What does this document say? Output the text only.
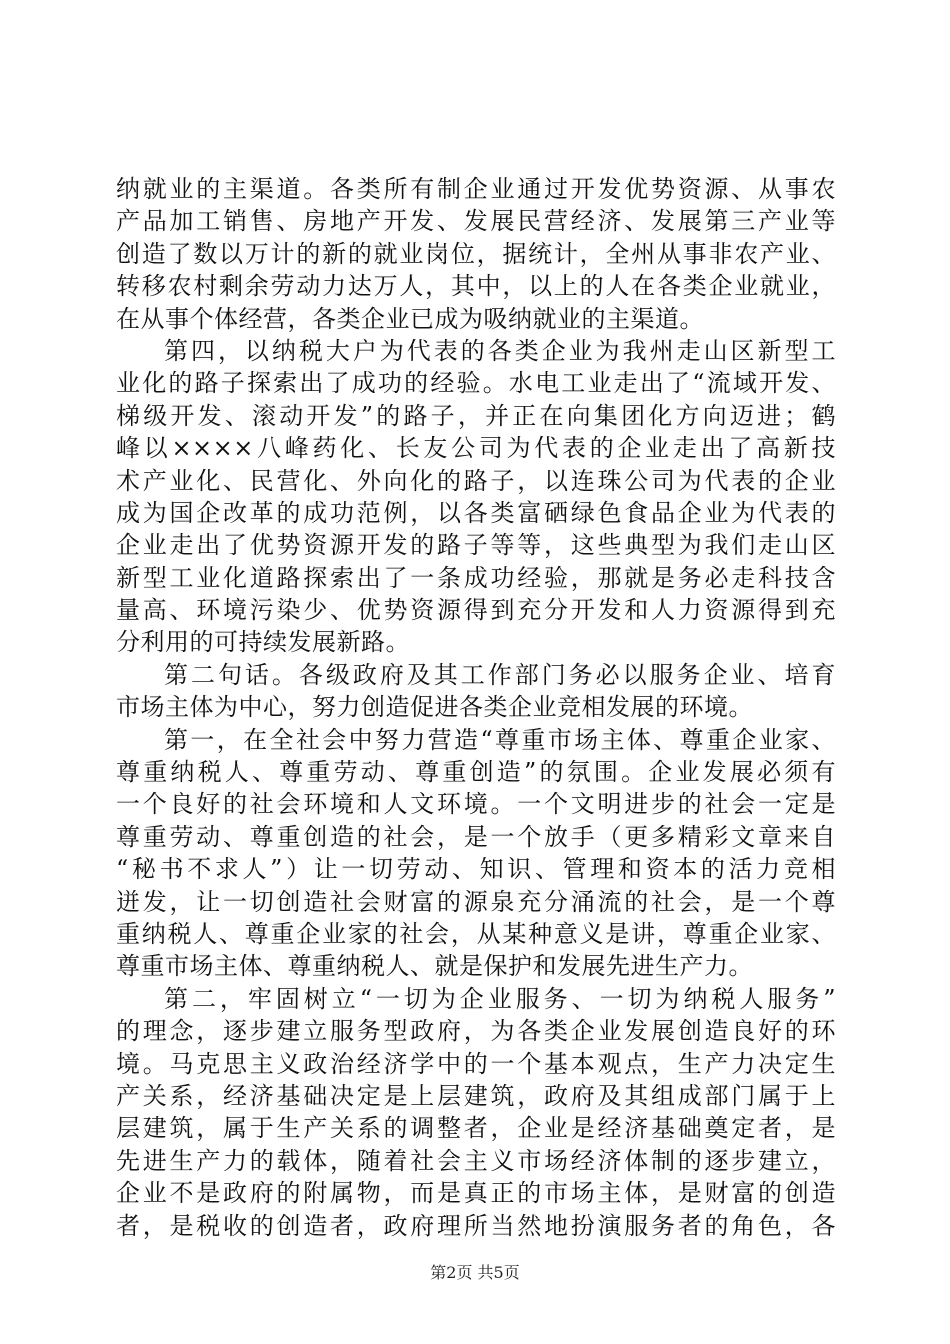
纳就业的主渠道。各类所有制企业通过开发优势资源、从事农
产品加工销售、房地产开发、发展民营经济、发展第三产业等
创造了数以万计的新的就业岗位，据统计，全州从事非农产业、
转移农村剩余劳动力达万人，其中，以上的人在各类企业就业，
在从事个体经营，各类企业已成为吸纳就业的主渠道。
第四，以纳税大户为代表的各类企业为我州走山区新型工
业化的路子探索出了成功的经验。水电工业走出了“流域开发、
梯级开发、滚动开发”的路子，并正在向集团化方向迈进；鹤
峰以××××八峰药化、长友公司为代表的企业走出了高新技
术产业化、民营化、外向化的路子，以连珠公司为代表的企业
成为国企改革的成功范例，以各类富硒绿色食品企业为代表的
企业走出了优势资源开发的路子等等，这些典型为我们走山区
新型工业化道路探索出了一条成功经验，那就是务必走科技含
量高、环境污染少、优势资源得到充分开发和人力资源得到充
分利用的可持续发展新路。
第二句话。各级政府及其工作部门务必以服务企业、培育
市场主体为中心，努力创造促进各类企业竞相发展的环境。
第一，在全社会中努力营造“尊重市场主体、尊重企业家、
尊重纳税人、尊重劳动、尊重创造”的氛围。企业发展必须有
一个良好的社会环境和人文环境。一个文明进步的社会一定是
尊重劳动、尊重创造的社会，是一个放手（更多精彩文章来自
“秘书不求人”）让一切劳动、知识、管理和资本的活力竞相
迸发，让一切创造社会财富的源泉充分涌流的社会，是一个尊
重纳税人、尊重企业家的社会，从某种意义是讲，尊重企业家、
尊重市场主体、尊重纳税人、就是保护和发展先进生产力。
第二，牢固树立“一切为企业服务、一切为纳税人服务”
的理念，逐步建立服务型政府，为各类企业发展创造良好的环
境。马克思主义政治经济学中的一个基本观点，生产力决定生
产关系，经济基础决定是上层建筑，政府及其组成部门属于上
层建筑，属于生产关系的调整者，企业是经济基础奠定者，是
先进生产力的载体，随着社会主义市场经济体制的逐步建立，
企业不是政府的附属物，而是真正的市场主体，是财富的创造
者，是税收的创造者，政府理所当然地扮演服务者的角色，各
第2页 共5页
